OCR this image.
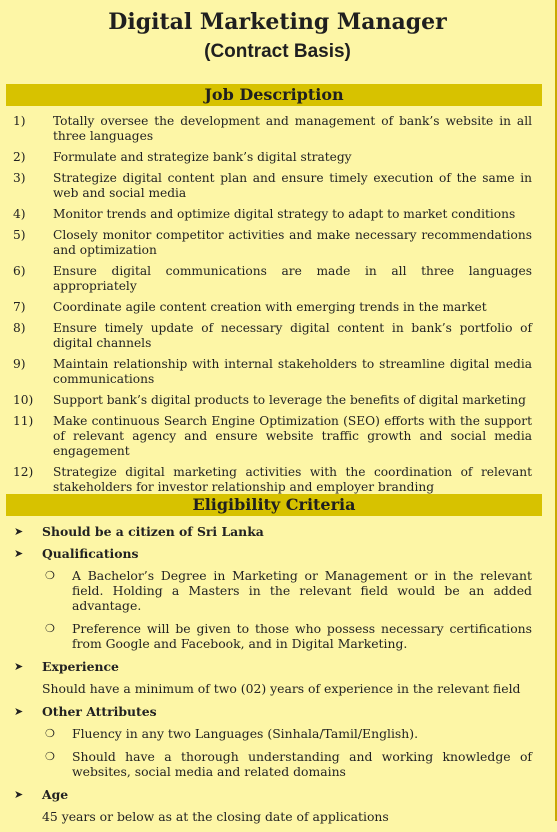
Digital Marketing Manager
(Contract Basis)
Job Description
1)	Totally oversee the development and management of bank’s website in all three languages
2)	Formulate and strategize bank’s digital strategy
3)	Strategize digital content plan and ensure timely execution of the same in web and social media
4)	Monitor trends and optimize digital strategy to adapt to market conditions
5)	Closely monitor competitor activities and make necessary recommendations and optimization
6)	Ensure digital communications are made in all three languages appropriately
7)	Coordinate agile content creation with emerging trends in the market
8)	Ensure timely update of necessary digital content in bank’s portfolio of digital channels
9)	Maintain relationship with internal stakeholders to streamline digital media communications
10)	Support bank’s digital products to leverage the benefits of digital marketing
11)	Make continuous Search Engine Optimization (SEO) efforts with the support of relevant agency and ensure website traffic growth and social media engagement
12)	Strategize digital marketing activities with the coordination of relevant stakeholders for investor relationship and employer branding
Eligibility Criteria
➤	Should be a citizen of Sri Lanka
➤	Qualifications
❍	A Bachelor’s Degree in Marketing or Management or in the relevant field. Holding a Masters in the relevant field would be an added advantage.
❍	Preference will be given to those who possess necessary certifications from Google and Facebook, and in Digital Marketing.
➤	Experience
Should have a minimum of two (02) years of experience in the relevant field
➤	Other Attributes
❍	Fluency in any two Languages (Sinhala/Tamil/English).
❍	Should have a thorough understanding and working knowledge of websites, social media and related domains
➤	Age
45 years or below as at the closing date of applications
